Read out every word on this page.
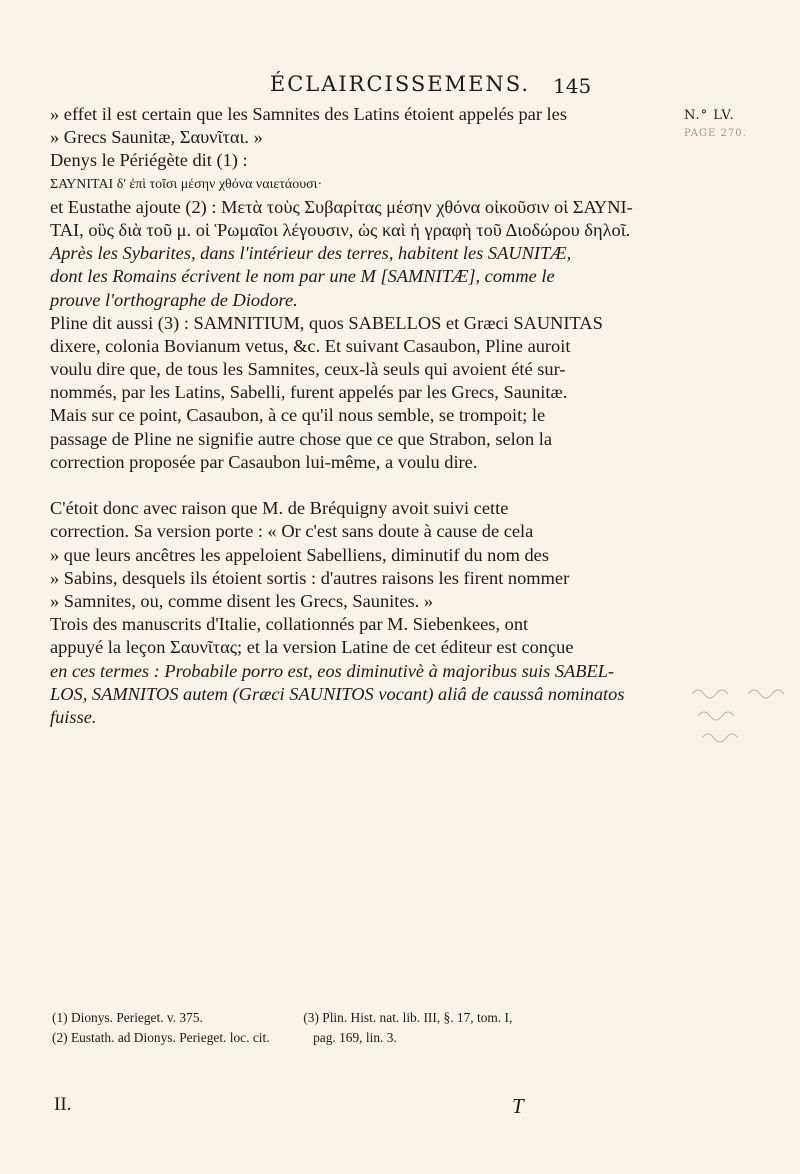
ÉCLAIRCISSEMENS.	145
N.° LV.
PAGE 270.
» effet il est certain que les Samnites des Latins étoient appelés par les
» Grecs Saunitæ, Σαυνῖται. »
Denys le Périégète dit (1) :
ΣΑΥΝΙΤΑΙ δ' ἐπὶ τοῖσι μέσην χθόνα ναιετάουσι·
et Eustathe ajoute (2) : Μετὰ τοὺς Συβαρίτας μέσην χθόνα οἰκοῦσιν οἱ ΣΑΥΝΙ-
ΤΑΙ, οὓς διὰ τοῦ μ. οἱ Ῥωμαῖοι λέγουσιν, ὡς καὶ ἡ γραφὴ τοῦ Διοδώρου δηλοῖ.
Après les Sybarites, dans l'intérieur des terres, habitent les SAUNITÆ,
dont les Romains écrivent le nom par une M [SAMNITÆ], comme le
prouve l'orthographe de Diodore.
Pline dit aussi (3) : SAMNITIUM, quos SABELLOS et Græci SAUNITAS
dixere, colonia Bovianum vetus, &c. Et suivant Casaubon, Pline auroit
voulu dire que, de tous les Samnites, ceux-là seuls qui avoient été sur-
nommés, par les Latins, Sabelli, furent appelés par les Grecs, Saunitæ.
Mais sur ce point, Casaubon, à ce qu'il nous semble, se trompoit; le
passage de Pline ne signifie autre chose que ce que Strabon, selon la
correction proposée par Casaubon lui-même, a voulu dire.
C'étoit donc avec raison que M. de Bréquigny avoit suivi cette
correction. Sa version porte : « Or c'est sans doute à cause de cela
» que leurs ancêtres les appeloient Sabelliens, diminutif du nom des
» Sabins, desquels ils étoient sortis : d'autres raisons les firent nommer
» Samnites, ou, comme disent les Grecs, Saunites. »
Trois des manuscrits d'Italie, collationnés par M. Siebenkees, ont
appuyé la leçon Σαυνῖτας; et la version Latine de cet éditeur est conçue
en ces termes : Probabile porro est, eos diminutivè à majoribus suis SABEL-
LOS, SAMNITOS autem (Græci SAUNITOS vocant) aliâ de caussâ nominatos
fuisse.
(1) Dionys. Perieget. v. 375.                              (3) Plin. Hist. nat. lib. III, §. 17, tom. I,
(2) Eustath. ad Dionys. Perieget. loc. cit.             pag. 169, lin. 3.
II.	T
